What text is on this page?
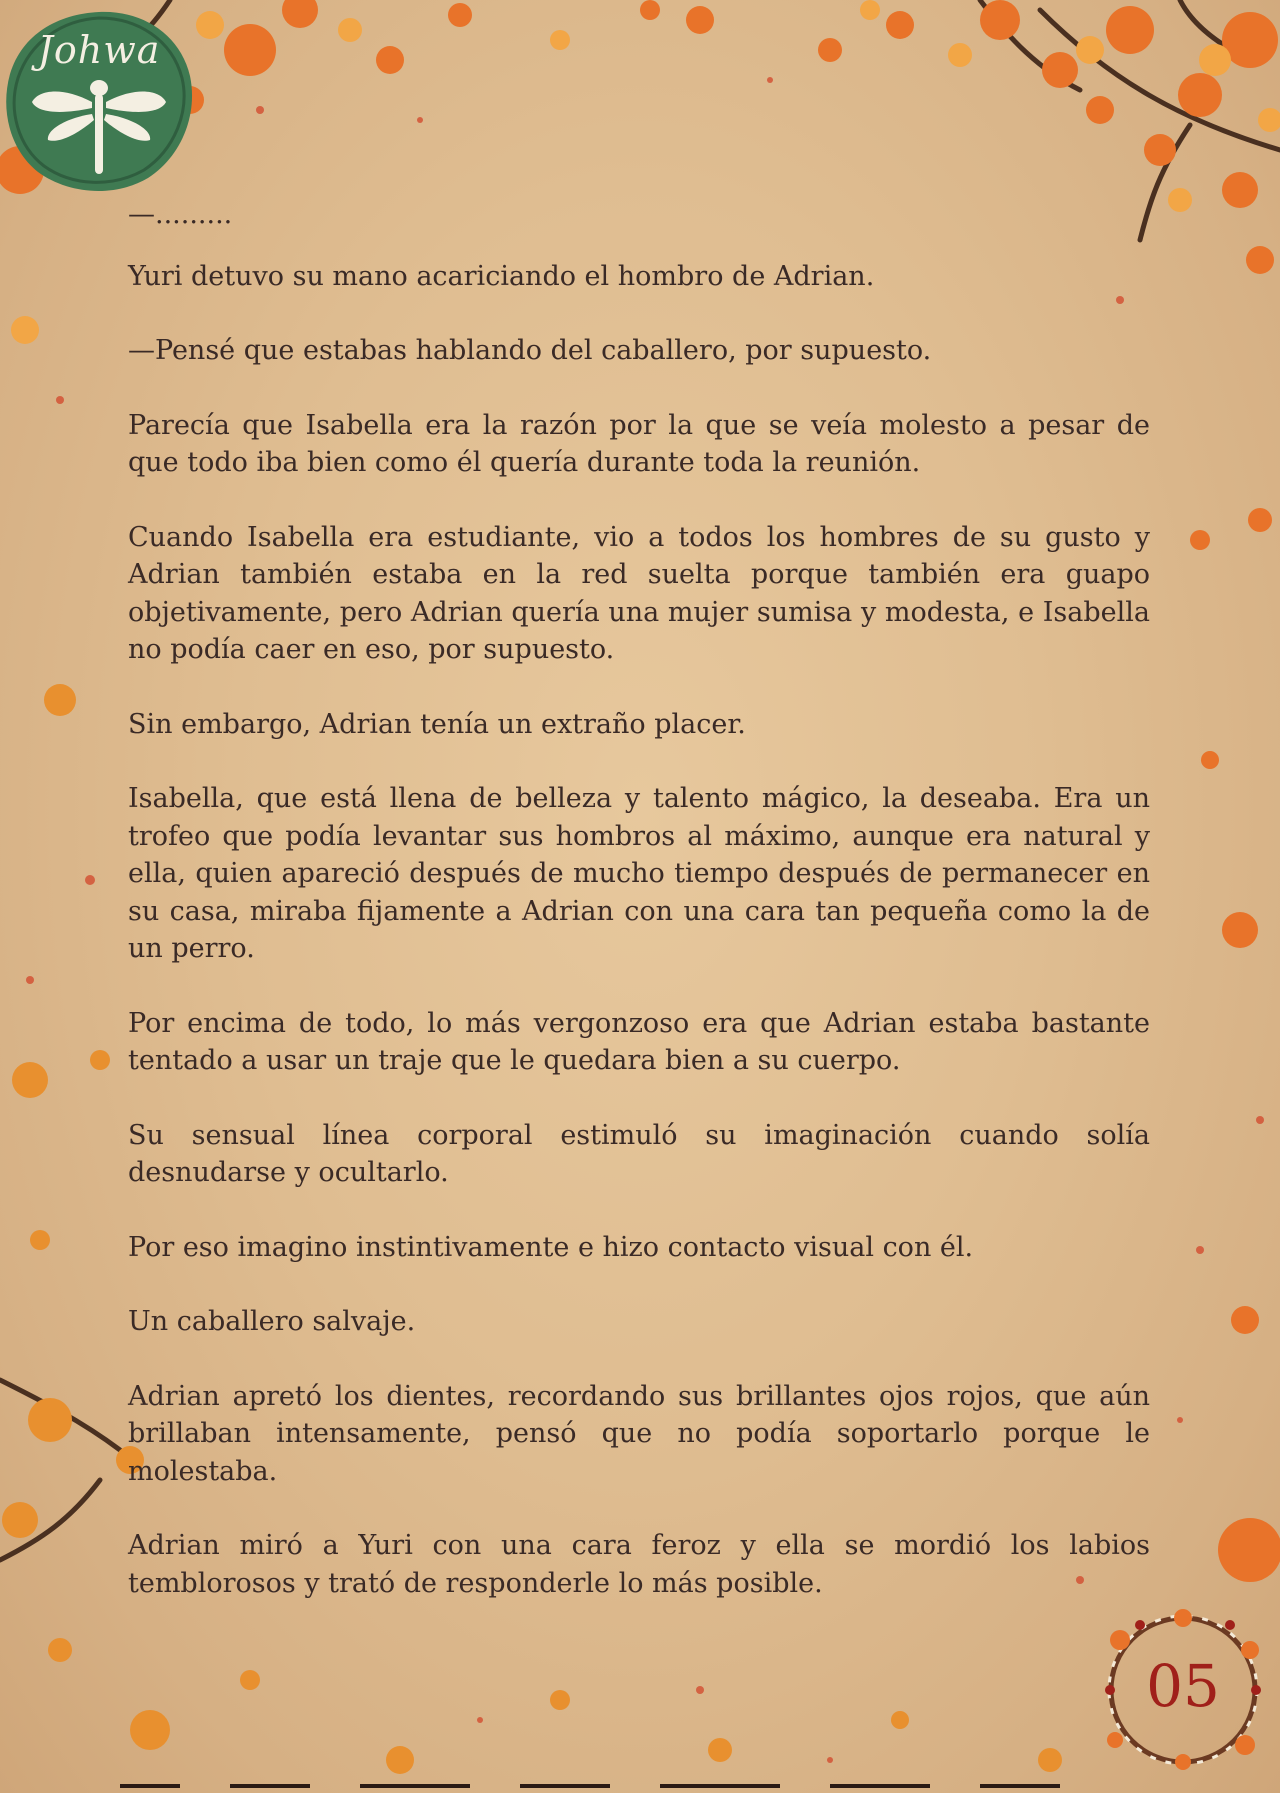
Johwa

—.........

Yuri detuvo su mano acariciando el hombro de Adrian.

—Pensé que estabas hablando del caballero, por supuesto.

Parecía que Isabella era la razón por la que se veía molesto a pesar de que todo iba bien como él quería durante toda la reunión.

Cuando Isabella era estudiante, vio a todos los hombres de su gusto y Adrian también estaba en la red suelta porque también era guapo objetivamente, pero Adrian quería una mujer sumisa y modesta, e Isabella no podía caer en eso, por supuesto.

Sin embargo, Adrian tenía un extraño placer.

Isabella, que está llena de belleza y talento mágico, la deseaba. Era un trofeo que podía levantar sus hombros al máximo, aunque era natural y ella, quien apareció después de mucho tiempo después de permanecer en su casa, miraba fijamente a Adrian con una cara tan pequeña como la de un perro.

Por encima de todo, lo más vergonzoso era que Adrian estaba bastante tentado a usar un traje que le quedara bien a su cuerpo.

Su sensual línea corporal estimuló su imaginación cuando solía desnudarse y ocultarlo.

Por eso imagino instintivamente e hizo contacto visual con él.

Un caballero salvaje.

Adrian apretó los dientes, recordando sus brillantes ojos rojos, que aún brillaban intensamente, pensó que no podía soportarlo porque le molestaba.

Adrian miró a Yuri con una cara feroz y ella se mordió los labios temblorosos y trató de responderle lo más posible.

05
